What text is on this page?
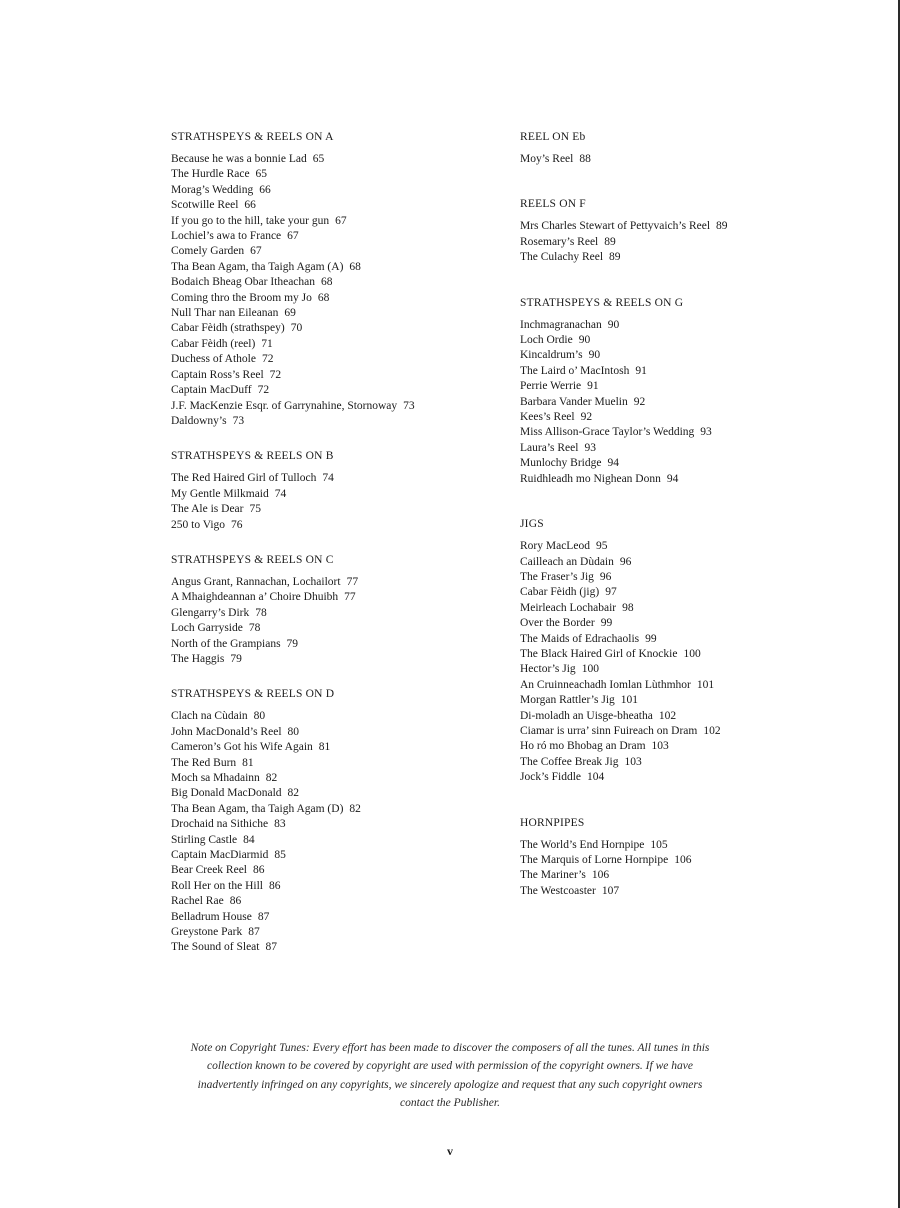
STRATHSPEYS & REELS ON A
Because he was a bonnie Lad 65
The Hurdle Race 65
Morag’s Wedding 66
Scotwille Reel 66
If you go to the hill, take your gun 67
Lochiel’s awa to France 67
Comely Garden 67
Tha Bean Agam, tha Taigh Agam (A) 68
Bodaich Bheag Obar Itheachan 68
Coming thro the Broom my Jo 68
Null Thar nan Eileanan 69
Cabar Fèidh (strathspey) 70
Cabar Fèidh (reel) 71
Duchess of Athole 72
Captain Ross’s Reel 72
Captain MacDuff 72
J.F. MacKenzie Esqr. of Garrynahine, Stornoway 73
Daldowny’s 73
STRATHSPEYS & REELS ON B
The Red Haired Girl of Tulloch 74
My Gentle Milkmaid 74
The Ale is Dear 75
250 to Vigo 76
STRATHSPEYS & REELS ON C
Angus Grant, Rannachan, Lochailort 77
A Mhaighdeannan a’ Choire Dhuibh 77
Glengarry’s Dirk 78
Loch Garryside 78
North of the Grampians 79
The Haggis 79
STRATHSPEYS & REELS ON D
Clach na Cùdain 80
John MacDonald’s Reel 80
Cameron’s Got his Wife Again 81
The Red Burn 81
Moch sa Mhadainn 82
Big Donald MacDonald 82
Tha Bean Agam, tha Taigh Agam (D) 82
Drochaid na Sithiche 83
Stirling Castle 84
Captain MacDiarmid 85
Bear Creek Reel 86
Roll Her on the Hill 86
Rachel Rae 86
Belladrum House 87
Greystone Park 87
The Sound of Sleat 87
REEL ON Eb
Moy’s Reel 88
REELS ON F
Mrs Charles Stewart of Pettyvaich’s Reel 89
Rosemary’s Reel 89
The Culachy Reel 89
STRATHSPEYS & REELS ON G
Inchmagranachan 90
Loch Ordie 90
Kincaldrum’s 90
The Laird o’ MacIntosh 91
Perrie Werrie 91
Barbara Vander Muelin 92
Kees’s Reel 92
Miss Allison-Grace Taylor’s Wedding 93
Laura’s Reel 93
Munlochy Bridge 94
Ruidhleadh mo Nighean Donn 94
JIGS
Rory MacLeod 95
Cailleach an Dùdain 96
The Fraser’s Jig 96
Cabar Fèidh (jig) 97
Meirleach Lochabair 98
Over the Border 99
The Maids of Edrachaolis 99
The Black Haired Girl of Knockie 100
Hector’s Jig 100
An Cruinneachadh Iomlan Lùthmhor 101
Morgan Rattler’s Jig 101
Di-moladh an Uisge-bheatha 102
Ciamar is urra’ sinn Fuireach on Dram 102
Ho ró mo Bhobag an Dram 103
The Coffee Break Jig 103
Jock’s Fiddle 104
HORNPIPES
The World’s End Hornpipe 105
The Marquis of Lorne Hornpipe 106
The Mariner’s 106
The Westcoaster 107

Note on Copyright Tunes: Every effort has been made to discover the composers of all the tunes. All tunes in this collection known to be covered by copyright are used with permission of the copyright owners. If we have inadvertently infringed on any copyrights, we sincerely apologize and request that any such copyright owners contact the Publisher.

v
